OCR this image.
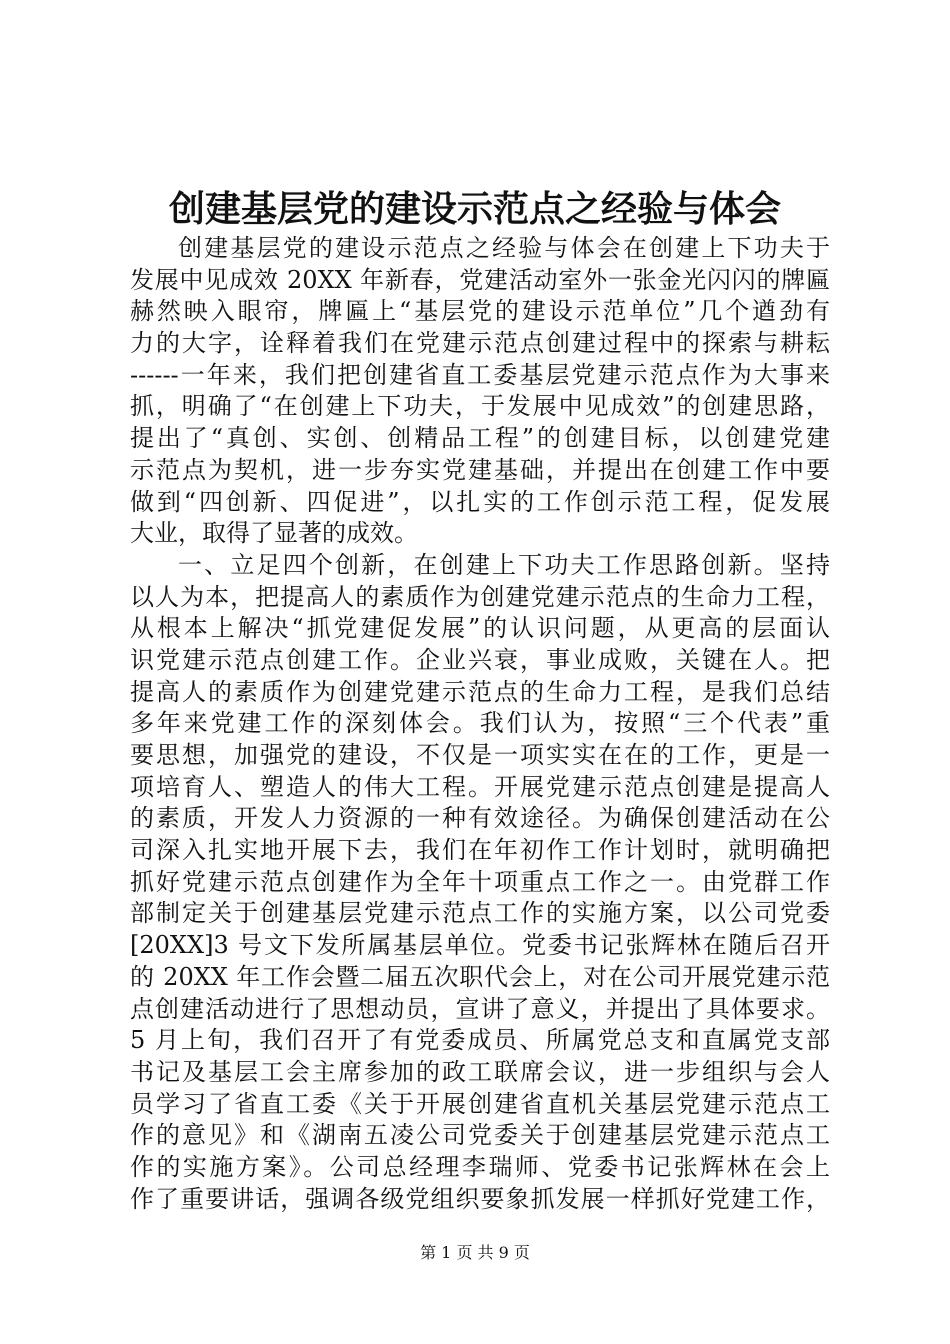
创建基层党的建设示范点之经验与体会
创建基层党的建设示范点之经验与体会在创建上下功夫于
发展中见成效 20XX 年新春，党建活动室外一张金光闪闪的牌匾
赫然映入眼帘，牌匾上“基层党的建设示范单位”几个遒劲有
力的大字，诠释着我们在党建示范点创建过程中的探索与耕耘
------一年来，我们把创建省直工委基层党建示范点作为大事来
抓，明确了“在创建上下功夫，于发展中见成效”的创建思路，
提出了“真创、实创、创精品工程”的创建目标，以创建党建
示范点为契机，进一步夯实党建基础，并提出在创建工作中要
做到“四创新、四促进”，以扎实的工作创示范工程，促发展
大业，取得了显著的成效。
一、立足四个创新，在创建上下功夫工作思路创新。坚持
以人为本，把提高人的素质作为创建党建示范点的生命力工程，
从根本上解决“抓党建促发展”的认识问题，从更高的层面认
识党建示范点创建工作。企业兴衰，事业成败，关键在人。把
提高人的素质作为创建党建示范点的生命力工程，是我们总结
多年来党建工作的深刻体会。我们认为，按照“三个代表”重
要思想，加强党的建设，不仅是一项实实在在的工作，更是一
项培育人、塑造人的伟大工程。开展党建示范点创建是提高人
的素质，开发人力资源的一种有效途径。为确保创建活动在公
司深入扎实地开展下去，我们在年初作工作计划时，就明确把
抓好党建示范点创建作为全年十项重点工作之一。由党群工作
部制定关于创建基层党建示范点工作的实施方案，以公司党委
[20XX]3 号文下发所属基层单位。党委书记张辉林在随后召开
的 20XX 年工作会暨二届五次职代会上，对在公司开展党建示范
点创建活动进行了思想动员，宣讲了意义，并提出了具体要求。
5 月上旬，我们召开了有党委成员、所属党总支和直属党支部
书记及基层工会主席参加的政工联席会议，进一步组织与会人
员学习了省直工委《关于开展创建省直机关基层党建示范点工
作的意见》和《湖南五凌公司党委关于创建基层党建示范点工
作的实施方案》。公司总经理李瑞师、党委书记张辉林在会上
作了重要讲话，强调各级党组织要象抓发展一样抓好党建工作，
第 1 页 共 9 页
